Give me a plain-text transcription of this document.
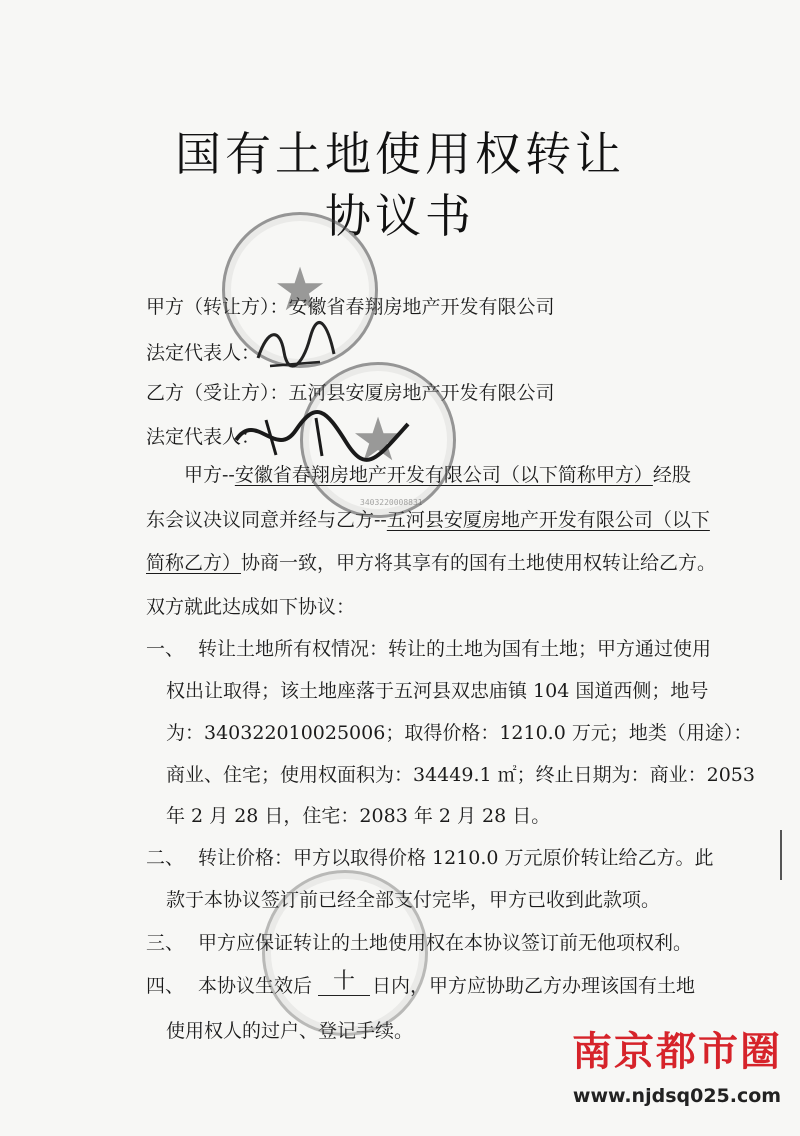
国有土地使用权转让
协议书
甲方（转让方）：安徽省春翔房地产开发有限公司
法定代表人：
乙方（受让方）：五河县安厦房地产开发有限公司
法定代表人：
甲方--安徽省春翔房地产开发有限公司（以下简称甲方）经股
东会议决议同意并经与乙方--五河县安厦房地产开发有限公司（以下
简称乙方）协商一致，甲方将其享有的国有土地使用权转让给乙方。
双方就此达成如下协议：
一、 转让土地所有权情况：转让的土地为国有土地；甲方通过使用
权出让取得；该土地座落于五河县双忠庙镇 104 国道西侧；地号
为：340322010025006；取得价格：1210.0 万元；地类（用途）：
商业、住宅；使用权面积为：34449.1 ㎡；终止日期为：商业：2053
年 2 月 28 日，住宅：2083 年 2 月 28 日。
二、 转让价格：甲方以取得价格 1210.0 万元原价转让给乙方。此
款于本协议签订前已经全部支付完毕，甲方已收到此款项。
三、 甲方应保证转让的土地使用权在本协议签订前无他项权利。
四、 本协议生效后 十 日内，甲方应协助乙方办理该国有土地
使用权人的过户、登记手续。
★
★
3403220008831
南京都市圈
www.njdsq025.com
